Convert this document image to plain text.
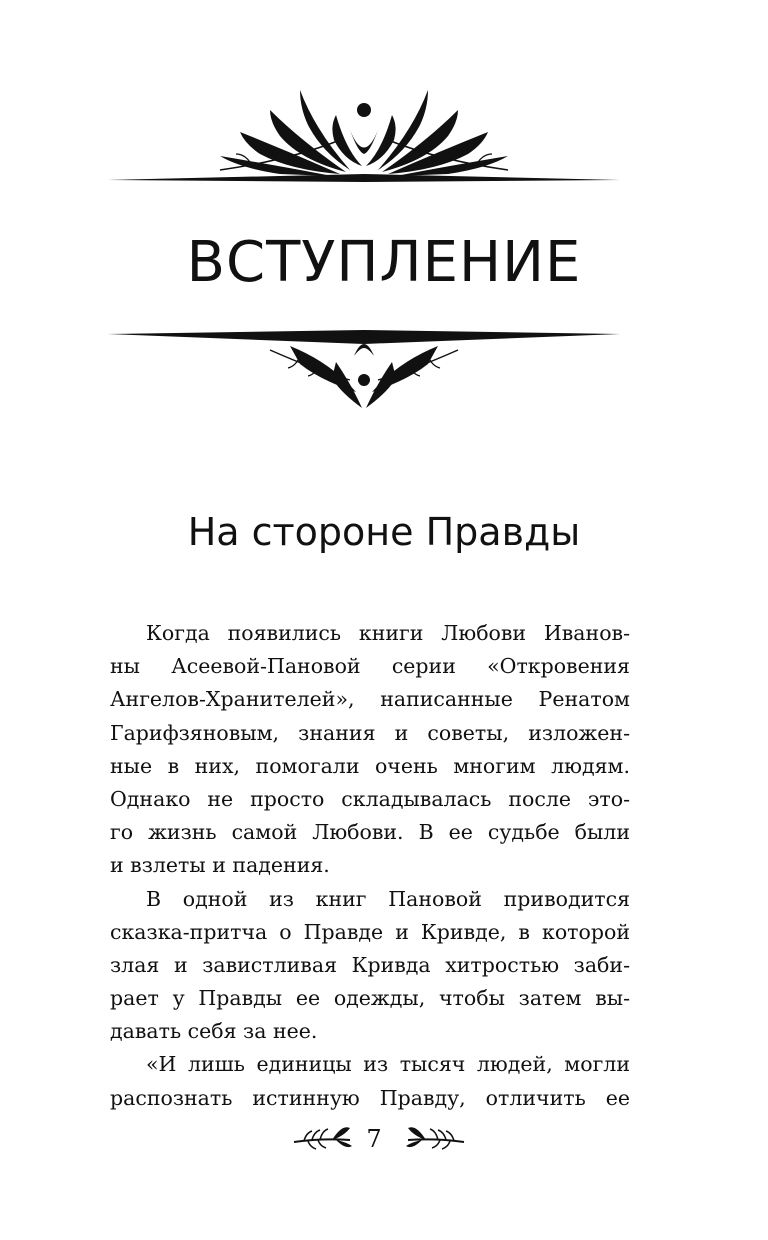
ВСТУПЛЕНИЕ
На стороне Правды
Когда появились книги Любови Иванов-
ны Асеевой-Пановой серии «Откровения
Ангелов-Хранителей», написанные Ренатом
Гарифзяновым, знания и советы, изложен-
ные в них, помогали очень многим людям.
Однако не просто складывалась после это-
го жизнь самой Любови. В ее судьбе были
и взлеты и падения.
В одной из книг Пановой приводится
сказка-притча о Правде и Кривде, в которой
злая и завистливая Кривда хитростью заби-
рает у Правды ее одежды, чтобы затем вы-
давать себя за нее.
«И лишь единицы из тысяч людей, могли
распознать истинную Правду, отличить ее
7
